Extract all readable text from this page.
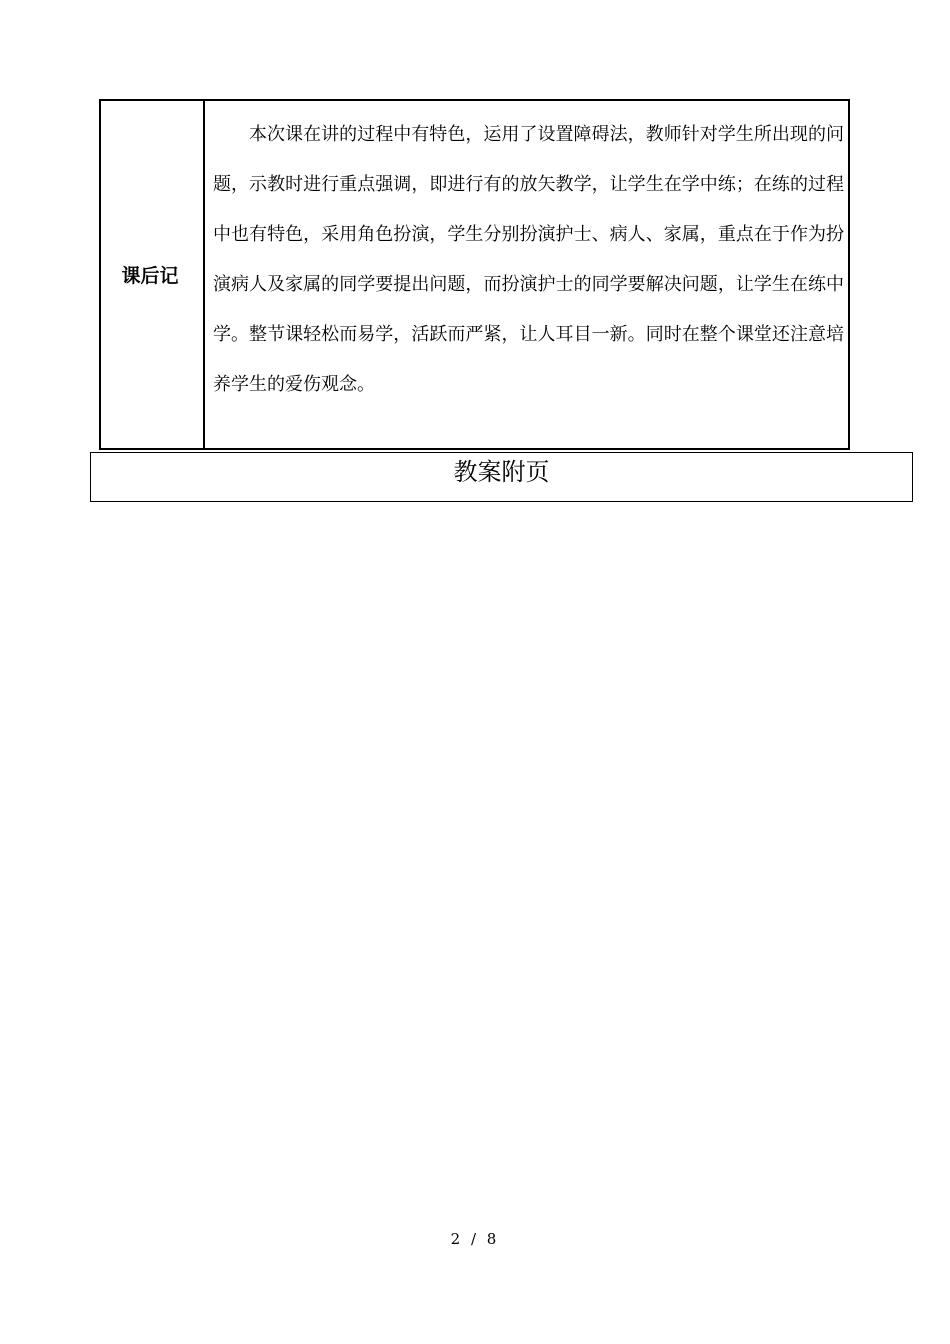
课后记

本次课在讲的过程中有特色，运用了设置障碍法，教师针对学生所出现的问题，示教时进行重点强调，即进行有的放矢教学，让学生在学中练；在练的过程中也有特色，采用角色扮演，学生分别扮演护士、病人、家属，重点在于作为扮演病人及家属的同学要提出问题，而扮演护士的同学要解决问题，让学生在练中学。整节课轻松而易学，活跃而严紧，让人耳目一新。同时在整个课堂还注意培养学生的爱伤观念。

教案附页
2 / 8
